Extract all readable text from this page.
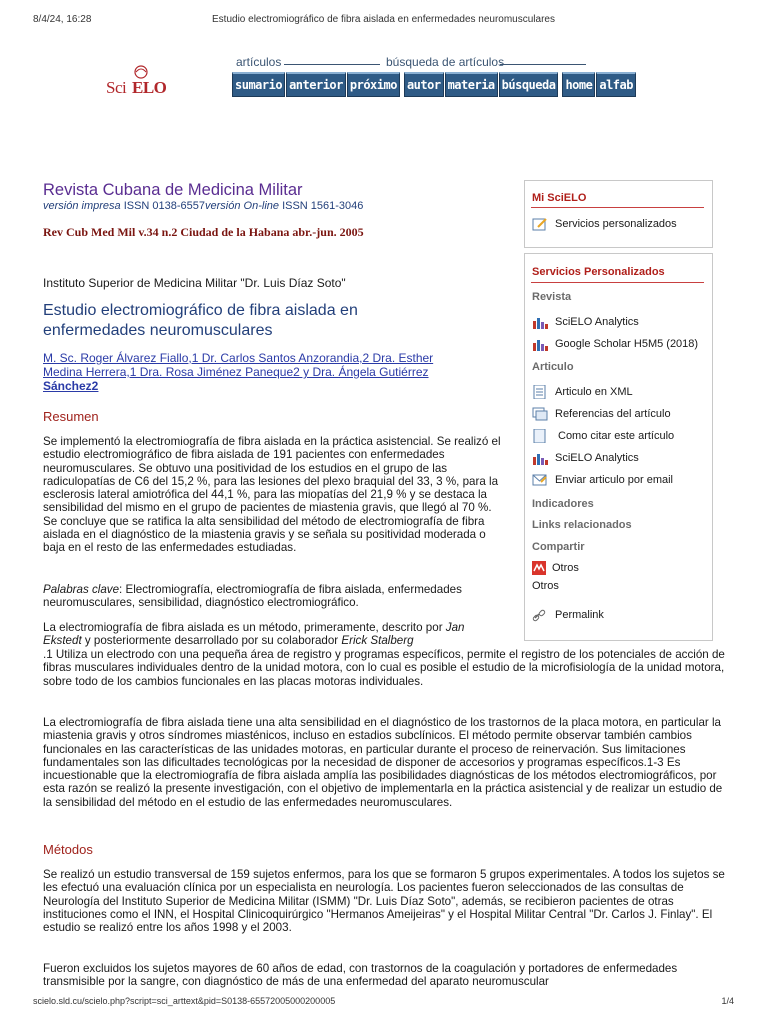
8/4/24, 16:28	Estudio electromiográfico de fibra aislada en enfermedades neuromusculares
Sci ELO
artículos	búsqueda de artículos
sumario anterior próximo autor materia búsqueda home alfab
Revista Cubana de Medicina Militar
versión impresa ISSN 0138-6557versión On-line ISSN 1561-3046
Rev Cub Med Mil v.34 n.2 Ciudad de la Habana abr.-jun. 2005
Instituto Superior de Medicina Militar "Dr. Luis Díaz Soto"
Estudio electromiográfico de fibra aislada en enfermedades neuromusculares
M. Sc. Roger Álvarez Fiallo,1 Dr. Carlos Santos Anzorandia,2 Dra. Esther
Medina Herrera,1 Dra. Rosa Jiménez Paneque2 y Dra. Ángela Gutiérrez
Sánchez2
Resumen
Se implementó la electromiografía de fibra aislada en la práctica asistencial. Se realizó el estudio electromiográfico de fibra aislada de 191 pacientes con enfermedades neuromusculares. Se obtuvo una positividad de los estudios en el grupo de las radiculopatías de C6 del 15,2 %, para las lesiones del plexo braquial del 33, 3 %, para la esclerosis lateral amiotrófica del 44,1 %, para las miopatías del 21,9 % y se destaca la sensibilidad del mismo en el grupo de pacientes de miastenia gravis, que llegó al 70 %. Se concluye que se ratifica la alta sensibilidad del método de electromiografía de fibra aislada en el diagnóstico de la miastenia gravis y se señala su positividad moderada o baja en el resto de las enfermedades estudiadas.
Palabras clave: Electromiografía, electromiografía de fibra aislada, enfermedades neuromusculares, sensibilidad, diagnóstico electromiográfico.
La electromiografía de fibra aislada es un método, primeramente, descrito por Jan Ekstedt y posteriormente desarrollado por su colaborador Erick Stalberg
.1 Utiliza un electrodo con una pequeña área de registro y programas específicos, permite el registro de los potenciales de acción de fibras musculares individuales dentro de la unidad motora, con lo cual es posible el estudio de la microfisiología de la unidad motora, sobre todo de los cambios funcionales en las placas motoras individuales.
La electromiografía de fibra aislada tiene una alta sensibilidad en el diagnóstico de los trastornos de la placa motora, en particular la miastenia gravis y otros síndromes miasténicos, incluso en estadios subclínicos. El método permite observar también cambios funcionales en las características de las unidades motoras, en particular durante el proceso de reinervación. Sus limitaciones fundamentales son las dificultades tecnológicas por la necesidad de disponer de accesorios y programas específicos.1-3 Es incuestionable que la electromiografía de fibra aislada amplía las posibilidades diagnósticas de los métodos electromiográficos, por esta razón se realizó la presente investigación, con el objetivo de implementarla en la práctica asistencial y de realizar un estudio de la sensibilidad del método en el estudio de las enfermedades neuromusculares.
Métodos
Se realizó un estudio transversal de 159 sujetos enfermos, para los que se formaron 5 grupos experimentales. A todos los sujetos se les efectuó una evaluación clínica por un especialista en neurología. Los pacientes fueron seleccionados de las consultas de Neurología del Instituto Superior de Medicina Militar (ISMM) "Dr. Luis Díaz Soto", además, se recibieron pacientes de otras instituciones como el INN, el Hospital Clinicoquirúrgico "Hermanos Ameijeiras" y el Hospital Militar Central "Dr. Carlos J. Finlay". El estudio se realizó entre los años 1998 y el 2003.
Fueron excluidos los sujetos mayores de 60 años de edad, con trastornos de la coagulación y portadores de enfermedades transmisible por la sangre, con diagnóstico de más de una enfermedad del aparato neuromuscular
Mi SciELO
Servicios personalizados
Servicios Personalizados
Revista
SciELO Analytics
Google Scholar H5M5 (2018)
Articulo
Articulo en XML
Referencias del artículo
Como citar este artículo
SciELO Analytics
Enviar articulo por email
Indicadores
Links relacionados
Compartir
Otros
Otros
Permalink
scielo.sld.cu/scielo.php?script=sci_arttext&pid=S0138-65572005000200005	1/4
